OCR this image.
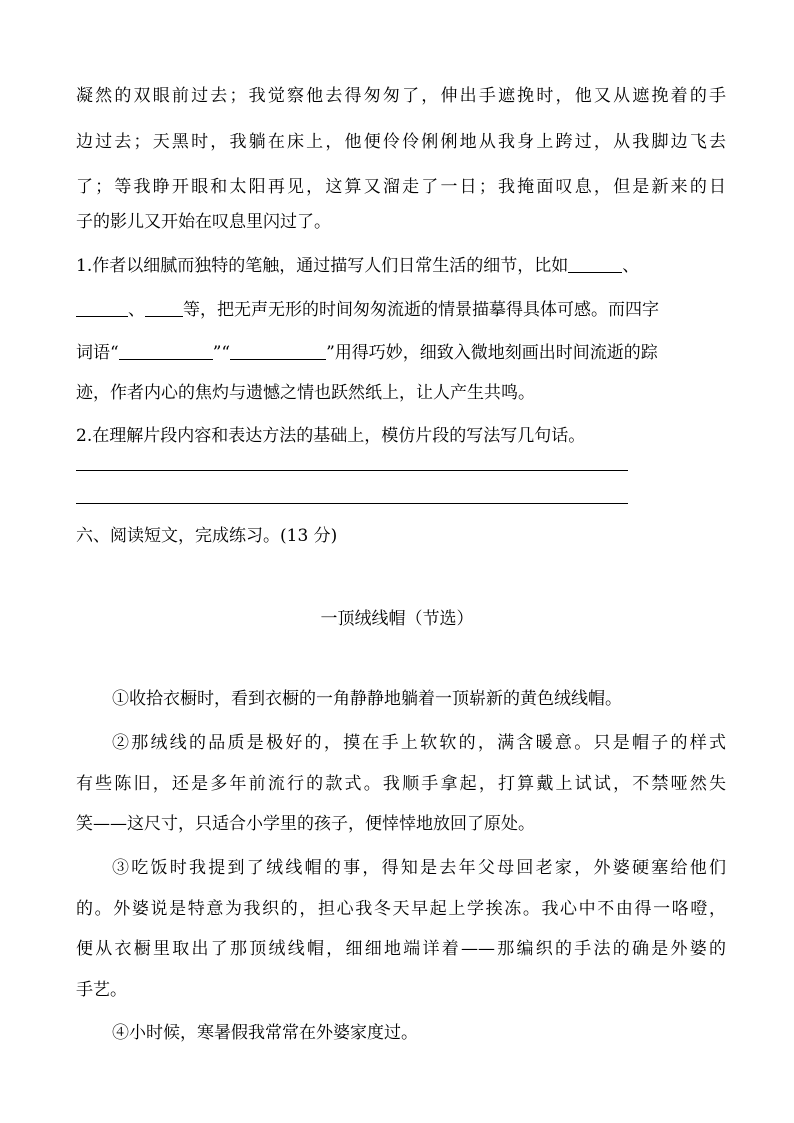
凝然的双眼前过去；我觉察他去得匆匆了，伸出手遮挽时，他又从遮挽着的手
边过去；天黑时，我躺在床上，他便伶伶俐俐地从我身上跨过，从我脚边飞去
了；等我睁开眼和太阳再见，这算又溜走了一日；我掩面叹息，但是新来的日
子的影儿又开始在叹息里闪过了。
1.作者以细腻而独特的笔触，通过描写人们日常生活的细节，比如	、
、 等，把无声无形的时间匆匆流逝的情景描摹得具体可感。而四字
词语“	”“	”用得巧妙，细致入微地刻画出时间流逝的踪
迹，作者内心的焦灼与遗憾之情也跃然纸上，让人产生共鸣。
2.在理解片段内容和表达方法的基础上，模仿片段的写法写几句话。
六、阅读短文，完成练习。(13 分)
一顶绒线帽（节选）
①收拾衣橱时，看到衣橱的一角静静地躺着一顶崭新的黄色绒线帽。
②那绒线的品质是极好的，摸在手上软软的，满含暖意。只是帽子的样式
有些陈旧，还是多年前流行的款式。我顺手拿起，打算戴上试试，不禁哑然失
笑——这尺寸，只适合小学里的孩子，便悻悻地放回了原处。
③吃饭时我提到了绒线帽的事，得知是去年父母回老家，外婆硬塞给他们
的。外婆说是特意为我织的，担心我冬天早起上学挨冻。我心中不由得一咯噔，
便从衣橱里取出了那顶绒线帽，细细地端详着——那编织的手法的确是外婆的
手艺。
④小时候，寒暑假我常常在外婆家度过。
